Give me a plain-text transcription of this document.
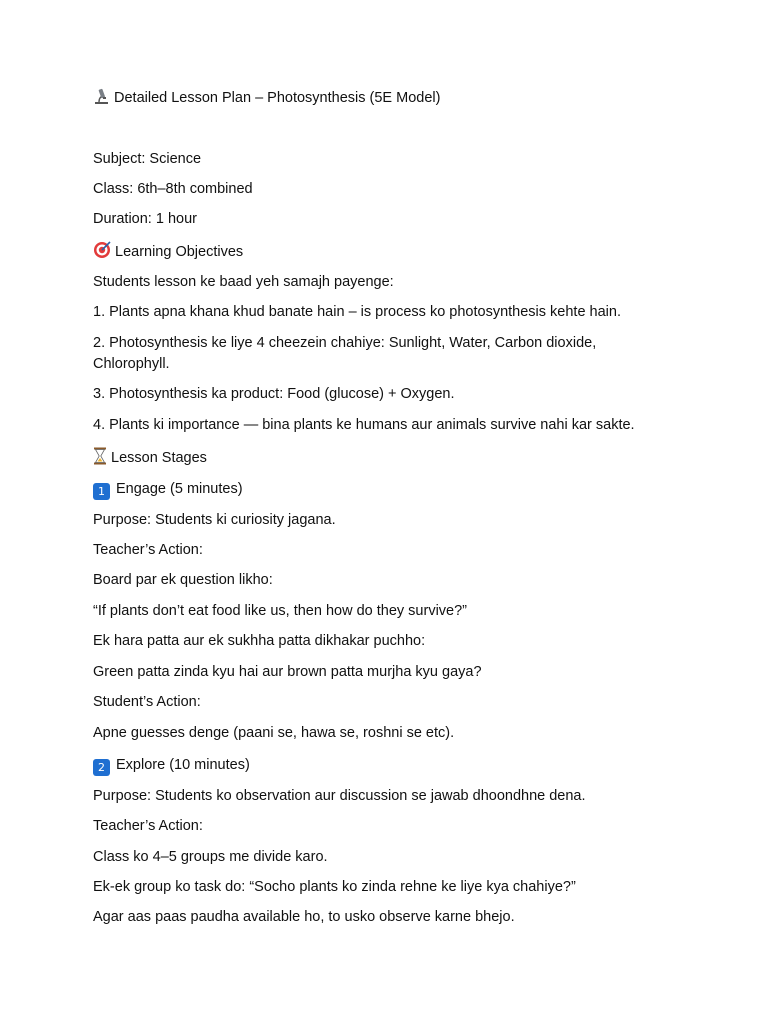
Detailed Lesson Plan – Photosynthesis (5E Model)
Subject: Science
Class: 6th–8th combined
Duration: 1 hour
Learning Objectives
Students lesson ke baad yeh samajh payenge:
1. Plants apna khana khud banate hain – is process ko photosynthesis kehte hain.
2. Photosynthesis ke liye 4 cheezein chahiye: Sunlight, Water, Carbon dioxide, Chlorophyll.
3. Photosynthesis ka product: Food (glucose) + Oxygen.
4. Plants ki importance — bina plants ke humans aur animals survive nahi kar sakte.
Lesson Stages
1 Engage (5 minutes)
Purpose: Students ki curiosity jagana.
Teacher’s Action:
Board par ek question likho:
“If plants don’t eat food like us, then how do they survive?”
Ek hara patta aur ek sukhha patta dikhakar puchho:
Green patta zinda kyu hai aur brown patta murjha kyu gaya?
Student’s Action:
Apne guesses denge (paani se, hawa se, roshni se etc).
2 Explore (10 minutes)
Purpose: Students ko observation aur discussion se jawab dhoondhne dena.
Teacher’s Action:
Class ko 4–5 groups me divide karo.
Ek-ek group ko task do: “Socho plants ko zinda rehne ke liye kya chahiye?”
Agar aas paas paudha available ho, to usko observe karne bhejo.
